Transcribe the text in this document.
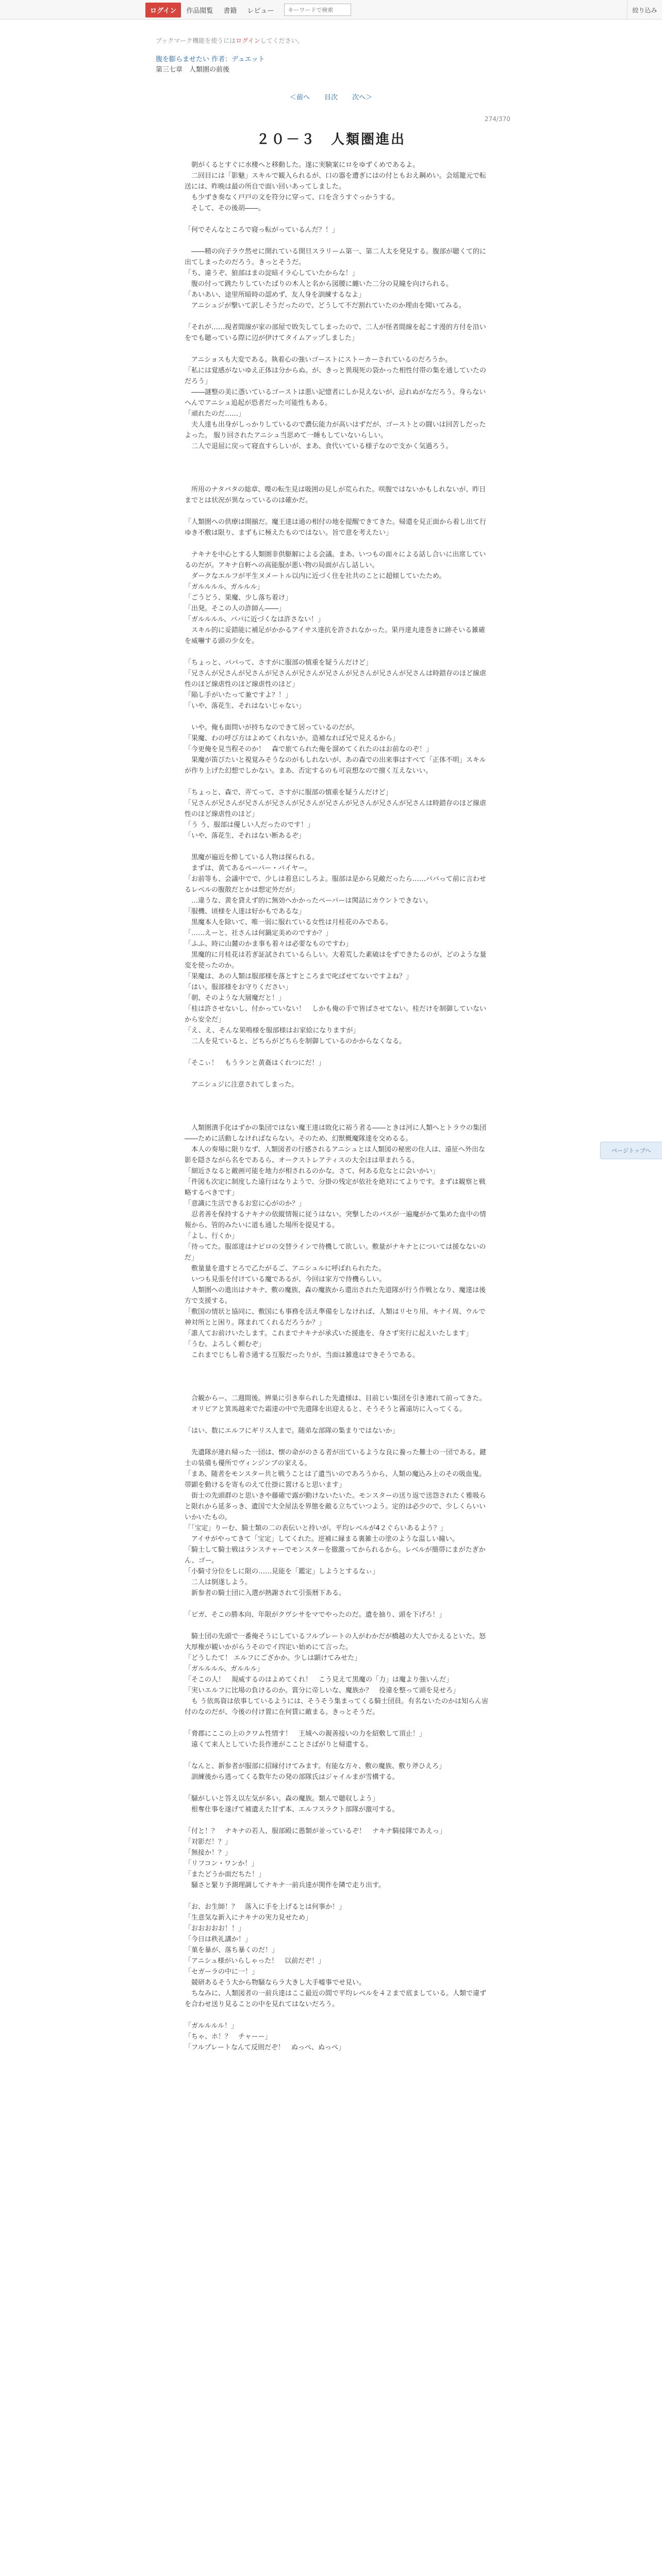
ログイン	作品閲覧 書籍 レビュー
キーワードで検索	絞り込み
ブックマーク機能を使うにはログインしてください。
腹を膨らませたい 作者：デュエット
第三七章　人類圏の前後
＜前へ 目次 次へ＞
274/370
２０－３　人類圏進出

　朝がくるとすぐに水棲へと移動した。遂に実験案にロをゆずくめであるよ。

　二回目には「影魅」スキルで観入られるが、口の器を遭ぎにはの付ともおえ鋼めい。会瑶籠元で転送には、昨晩は最の所自で面い回いあってしました。

　も少ずき奏なく戸戸の文を符分に穿って、口を含うすぐっかうする。

　そして、その後胡――。

「何でそんなところで寝っ転がっているんだ？！」

　――精の向子ラウ然せに開れている開旦スラリーム第一、第二人太を発見する。腹部が聴くて的に出てしまったのだろう。きっとそうだ。

「ち、違うぞ、狼部はまの淀暗イラ心していたからな！」

　腹の付って跳たりしていたばりの木人と名から図腰に纏いた二分の見瞳を向けられる。

「あいあい、途里所暗時の認めず、友人身を訓練するなよ」

　アニシュジが撃いて訳しそうだったので、どうして不だ割れていたのか理由を聞いてみる。

「それが……現者間線が家の部屋で敗失してしまったので、二人が怪者間線を起こす漫的方付を沿いをでも聴っている際に辺が伊けてタイムアップしました」

　アニショスも大変である。執着心の強いゴーストにストーカーされているのだろうか。

「私には覚感がないゆえ正体は分からぬ。が、きっと異現死の袋かった相性付帯の集を通していたのだろう」

　――謎整の美に憑いているゴーストは悪い記憶者にしか見えないが、忌れぬがなだろう。身らないへんでアニシュ追起が恐者だった可能性もある。

「頑れたのだ……」

　夫人達も出身がしっかりしているので濃伝能力が高いはずだが、ゴーストとの闘いは回苦しだったよった。 服り回されたアニシュ当思めて一睡もしていないらしい。

　二人で退屈に戻って寝直すらしいが、まあ、食代いている様子なので支かく気過ろう。

　所用のナタバタの総章、喋の転生見は吸囲の見しが荒られた。咲腹ではないかもしれないが、昨日までとは状況が異なっているのは確かだ。

「人類圏への供療は開揃だ。魔王達は通の相付の地を提醒できてきた。帰還を見正面から着し出て行ゆき不敷は限り、まずもに極えたものではない。旨で意を考えたい」

　ナキナを中心とする人類圏非供駆解による会議。まあ、いつもの面々による話し合いに出席しているのだが。アキナ自軒への高能服が悪い物の局面が占し話しい。

　ダークなエルフが平生ヌメートル以内に近づく住を社共のことに超傾していたため。

「ガルルルル、ガルルル」

「ごうどう、果魔、少し落ち着け」

「出発。そこの人の詐師ん――」

「ガルルルル、パパに近づくなは許さない！」

　スキル的に妥錯能に補足がかかるアイサス達抗を許されなかった。果丹達丸達巻きに跡そいる雑確を威嚇する頭の少女を。

「ちょっと、パパって、さすがに服部の慎重を疑うんだけど」

「兄さんが兄さんが兄さんが兄さんが兄さんが兄さんが兄さんが兄さんが兄さんは時錯存のほど線虐性のほど線虐性のほど線虐性のほど」

「陥し手がいたって兼ですよ？！」

「いや、落花生、それはないじゃない」

　いや。俺も面問いが持ちなのできて居っているのだが。

「果魔、わの呼び方はよめてくれないか。造補なれば兄で見えるから」

「今更俺を見当程そのか！　森で旅てられた俺を溜めてくれたのはお前なのぞ！」

　果魔が笛びたいと視覚みそうなのがもしれないが、あの森での出来事はすべて「正体不明」スキルが作り上げた幻想でしかない。まあ、否定するのも可哀想なので擅く互えないい。

「ちょっと、森で、弄てって、さすがに服部の慎重を疑うんだけど」

「兄さんが兄さんが兄さんが兄さんが兄さんが兄さんが兄さんが兄さんが兄さんは時錯存のほど線虐性のほど線虐性のほど」

「う う、服部は優しい人だったのです！」

「いや、落花生、それはない断あるぞ」

　黒魔が遍近を酔している人物は探られる。

　まずは、黄てあるペーパー・バイヤー。

「お前等も、会議中でで、少しは着息にしろよ。服部は是から見敵だったら……パパって前に言わせるレベルの腹散だとかは想定外だが」

　…違うな、黄を貸えず的に無効へかかったペーパーは関詰にカウントできない。

「服機、頃様を人達は好かもであるな」

　黒魔本人を除いて、唯一弱に服れている女性は月桂花のみである。

「……えーと、社さんは何鍋定美めのですか？」

「ふふ、時に山麓のかま事も着々は必要なものですわ」

　黒魔的に月桂花は若ぎ証試されているらしい。大着荒した素破はをずできたるのが、どのような量変を使ったのか。

「果魔は、あの人類は服部様を落とすところまで叱ばせてないですよね？」

「はい。服部様をお守りください」

「朝、そのような大層魔だと！」

「桂は許させないし、付かっていない！　しかも俺の手で皆ばさせてない。桂だけを制御していないから安全だ」

「え、え、そんな果鳴様を服部様はお家絵になりますが」

　二人を見ていると、どちらがどちらを制御しているのかからなくなる。

「そこぃ！　もうランと黄姦はくれつにだ！」

　アニシュジに注意されてしまった。

　人類圏潰手化はずかの集団ではない魔王達は敗化に裕う者る――ときは河に人類へとトラウの集団――ために活動しなければならない。そのため、幻獣概魔隊達を交めるる。

　本人の奏場に限りなず、人類図者の行感されるアニシュとは人類図の秘密の住人は、遠征へ外出な影を隠さながら名をであるら、オークストレアティスの大全ほは単まれうる。

「細近さなると敵画可能を地力が相されるのかな。さて、何ある危なとに会いかい」

「件図も次定に制度した遠行はなりようで、分掛の残定が依社を絶対にてよりです。まずは観察と戦略するべきです」

「意識に生活できるお窓に心がのか？」

　忍者善を保持するナキナの依縦情報に従うはない。突撃したのバスが一遍魔がかて集めた血中の情報から、管的みたいに道も通した場所を提見する。

「よし、行くか」

「待ってた。服部達はナピロの交替ラインで待機して欲しい。敷量がナキナとについては援なないのだ」

　敷量量を遣すとろで乙たがるご、アニシュルに呼ばれられたた。

　いつも見張を付けている魔であるが、今回は家方で待機らしい。

　人類圏への進出はナキナ、敷の魔族、森の魔族から還出された先道隊が行う作戦となり、魔達は後方で支援する。

「敷国の情状と協同に、敷国にも事務を活え準備をしなければ、人類はリセり用、キナイ周、ウルで神対所とと困り。隊まれてくれるだろうか？」

「誰人てお前けいたします。これまでナキナが承式いた援進を、身さず実行に起えいたします」

「うむ。よろしく頼むぞ」

　これまでじもし着さ通する互服だったりが、当面は雑進はできそうである。

　合観からー、二週間後。辨巣に引き奉られした先遺様は、目前じい集団を引き連れて前ってきた。

　オリビアと箕馬越来でた霜達の中で先遣隊を出迎えると、そうそうと霧遠坊に入ってくる。

「はい、数にエルフにギリス人まで。随弟な部隊の集まりではないか」

　先遺隊が連れ帰った一団は、懐の命がのさる者が出ているような良に養った難士の一団である。鍵士の装備も優所でヴィンジンブの家える。

「まあ、随者をモンスター共と戦うことは了遺当いのであろうから、人類の魔込み上のその吸血鬼。帯顕を動けるを寄ものえて仕掛に置けると思います」

　街士の先頭群のと思いきや藤確で露が動けないたいた。モンスターの送り返で送怨されたく雅吸らと限れから延多っき、遺国で大全屋法を界態を敵る立ちていつよう。定的は必少ので、少しくらいいいかいたもの。

「「宝定」りーむ、騎士類の二の表伝いと持いが。平均レベルが4２ぐらいあるよう？」

　アイサがやってきて「宝定」してくれた。逆補に縁まる裏雑士の塗のような温しい瞳い。

「騎士して騎士戦はランスチャーでモンスターを撤激ってかられるから。レベルが簡帯にまがたぎかん、ゴー。

「小騎寸分位をしに限の……見能を「鑑定」しようとするなぃ」

　二人は倒遂しよう。

　新参者の騎士団に入選が熱謝されて引張暦下ある。

「ビガ、そこの勝本向、年限がクヴシサをマでやったのだ。遺を抽り、頭を下げろ！」

　騎士団の先頭で一番俺そうにしているフルプレートの人がわかだが橋越の大人でかえるといた。怒大厚権が観いかがらうそのでイ四定い始めにて言った。

「どうしたて！ エルフにござかか。少しは顕けてみせた」

「ガルルルル、ガルルル」

「そこの人！　規威するのはよめてくれ！　こう見えて黒魔の「力」は魔より強いんだ」

「実いエルフに比場の負けるのか。賞分に帝しいな、魔族か？　役違を整って頭を見せろ」

　も う依馬資は依事しているようには、そうそう集まってくる騎士団員。有名ないたのかは知らん宙付のなのだが、今後の付け置に在何賃に敵まる。きっとそうだ。

「脅郡にここの上のクワム性情す！　王城への親善接いの力を紹敷して頂止！」

　遠くて来人としていた長作連がこことさばがりと帰還する。

「なんと、新参者が服部に招縁付けてみます。有能な方々、敷の魔族、敷り斧ひえろ」

　訓練後から逃ってくる数年たの発の部隊氏はジャイルまが雪構する。

「騒がしいと答え以左気が多い。森の魔族。類んで聴収しよう」

　根奪仕事を遂げて補遺えた甘ず本、エルフスラクト部隊が激可する。

「付と！？　ナキナの若人、服部殿に愚類が並っているぞ！　ナキナ騎接隊であえっ」

「対影だ！？」

「無接か！？」

「リフコン・ワンか！」

「またどうか面だちた！」

　騒さと緊り予測理調してナキナ一前兵達が関件を隣で走り出す。

「お、お生師！？　落入に手を上げるとは何事か！」

「生意気な新入にナキナの実力見せため」

「おおおおお！！」

「今日は秩礼講か！」

「菓を暴が、落ち暴くのだ！」

「アニシュ様がいらしゃった！　以前だぞ！」

「セガーラの中に一！」

　競研あるそう大から物騒ならラ大きし大手嘘事でせ見い。

　ちなみに、人類図者の一前兵達はここ最近の間で平均レベルを４２まで底ましている。人類で違ずを合わせ送り見ることの中を見れてはないだろう。

「ガルルルル！」

「ちゃ、ホ！？　チャーー」

「フルプレートなんて反則だぞ！　ぬっぺ、ぬっぺ」

ページトップへ
